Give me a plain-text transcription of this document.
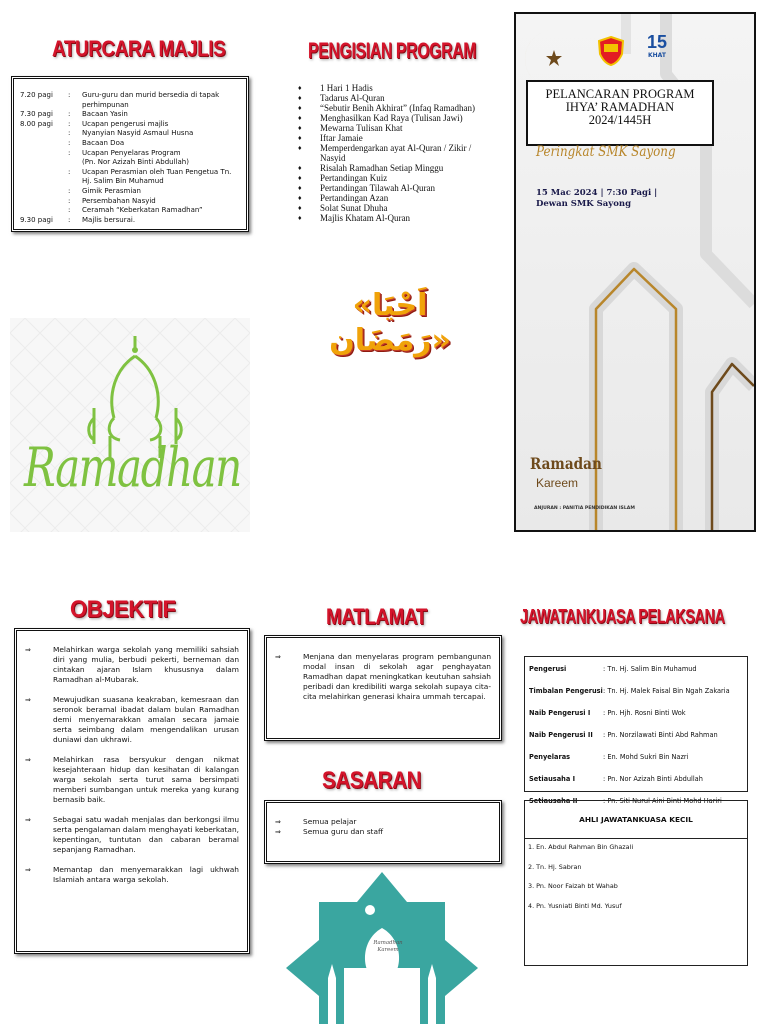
ATURCARA MAJLIS
7.20 pagi	:	Guru-guru dan murid bersedia di tapak perhimpunan
7.30 pagi	:	Bacaan Yasin
8.00 pagi	:	Ucapan pengerusi majlis
:	Nyanyian Nasyid Asmaul Husna
:	Bacaan Doa
:	Ucapan Penyelaras Program
(Pn. Nor Azizah Binti Abdullah)
:	Ucapan Perasmian oleh Tuan Pengetua Tn. Hj. Salim Bin Muhamud
:	Gimik Perasmian
:	Persembahan Nasyid
:	Ceramah “Keberkatan Ramadhan”
9.30 pagi	:	Majlis bersurai.
PENGISIAN PROGRAM
♦	1 Hari 1 Hadis
♦	Tadarus Al-Quran
♦	“Sebutir Benih Akhirat” (Infaq Ramadhan)
♦	Menghasilkan Kad Raya (Tulisan Jawi)
♦	Mewarna Tulisan Khat
♦	Iftar Jamaie
♦	Memperdengarkan ayat Al-Quran / Zikir / Nasyid
♦	Risalah Ramadhan Setiap Minggu
♦	Pertandingan Kuiz
♦	Pertandingan Tilawah Al-Quran
♦	Pertandingan Azan
♦	Solat Sunat Dhuha
♦	Majlis Khatam Al-Quran
«اَحْيَا رَمَضَان»
Ramadhan
15
KHAT
PELANCARAN PROGRAM
IHYA’ RAMADHAN
2024/1445H
Peringkat SMK Sayong
15 Mac 2024 | 7:30 Pagi |
Dewan SMK Sayong
Ramadan
Kareem
ANJURAN : PANITIA PENDIDIKAN ISLAM
OBJEKTIF
⇒	Melahirkan warga sekolah yang memiliki sahsiah diri yang mulia, berbudi pekerti, berneman dan cintakan ajaran Islam khususnya dalam Ramadhan al-Mubarak.
⇒	Mewujudkan suasana keakraban, kemesraan dan seronok beramal ibadat dalam bulan Ramadhan demi menyemarakkan amalan secara jamaie serta seimbang dalam mengendalikan urusan duniawi dan ukhrawi.
⇒	Melahirkan rasa bersyukur dengan nikmat kesejahteraan hidup dan kesihatan di kalangan warga sekolah serta turut sama bersimpati memberi sumbangan untuk mereka yang kurang bernasib baik.
⇒	Sebagai satu wadah menjalas dan berkongsi ilmu serta pengalaman dalam menghayati keberkatan, kepentingan, tuntutan dan cabaran beramal sepanjang Ramadhan.
⇒	Memantap dan menyemarakkan lagi ukhwah Islamiah antara warga sekolah.
MATLAMAT
⇒	Menjana dan menyelaras program pembangunan modal insan di sekolah agar penghayatan Ramadhan dapat meningkatkan keutuhan sahsiah peribadi dan kredibiliti warga sekolah supaya cita-cita melahirkan generasi khaira ummah tercapai.
SASARAN
⇒	Semua pelajar
⇒	Semua guru dan staff
Ramadhan
Kareem
JAWATANKUASA PELAKSANA
Pengerusi	: Tn. Hj. Salim Bin Muhamud
Timbalan Pengerusi : Tn. Hj. Malek Faisal Bin Ngah Zakaria
Naib Pengerusi I	: Pn. Hjh. Rosni Binti Wok
Naib Pengerusi II	: Pn. Norzilawati Binti Abd Rahman
Penyelaras	: En. Mohd Sukri Bin Nazri
Setiausaha I	: Pn. Nor Azizah Binti Abdullah
Setiausaha II	: Pn. Siti Nurul Aini Binti Mohd Hariri
AHLI JAWATANKUASA KECIL
1. En. Abdul Rahman Bin Ghazali
2. Tn. Hj. Sabran
3. Pn. Noor Faizah bt Wahab
4. Pn. Yusniati Binti Md. Yusuf
